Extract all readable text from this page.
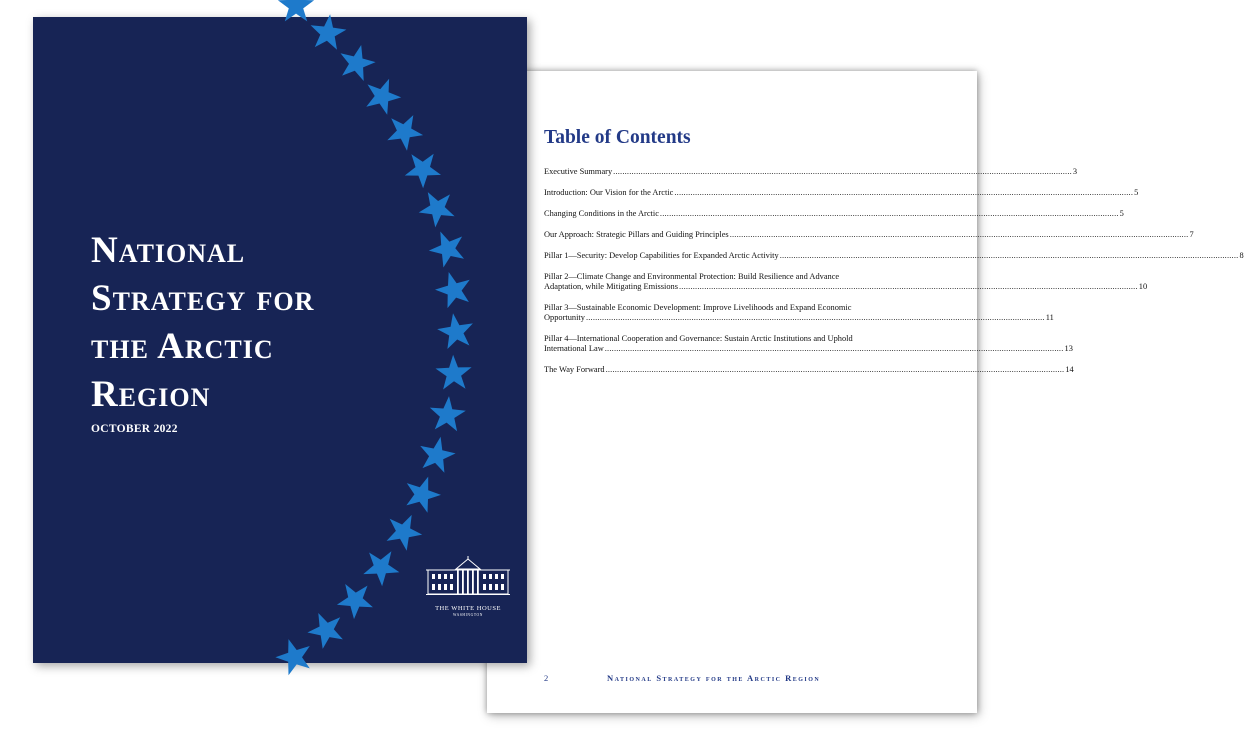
Table of Contents
Executive Summary ........................................................................................................................................................................................................ 3
Introduction: Our Vision for the Arctic ........................................................................................................................................................................................................ 5
Changing Conditions in the Arctic ........................................................................................................................................................................................................ 5
Our Approach: Strategic Pillars and Guiding Principles ........................................................................................................................................................................................................ 7
Pillar 1—Security: Develop Capabilities for Expanded Arctic Activity ........................................................................................................................................................................................................ 8
Pillar 2—Climate Change and Environmental Protection: Build Resilience and Advance
Adaptation, while Mitigating Emissions ........................................................................................................................................................................................................ 10
Pillar 3—Sustainable Economic Development: Improve Livelihoods and Expand Economic
Opportunity ........................................................................................................................................................................................................ 11
Pillar 4—International Cooperation and Governance: Sustain Arctic Institutions and Uphold
International Law ........................................................................................................................................................................................................ 13
The Way Forward ........................................................................................................................................................................................................ 14
2	National Strategy for the Arctic Region
National
Strategy for
the Arctic
Region
OCTOBER 2022
THE WHITE HOUSE
WASHINGTON
